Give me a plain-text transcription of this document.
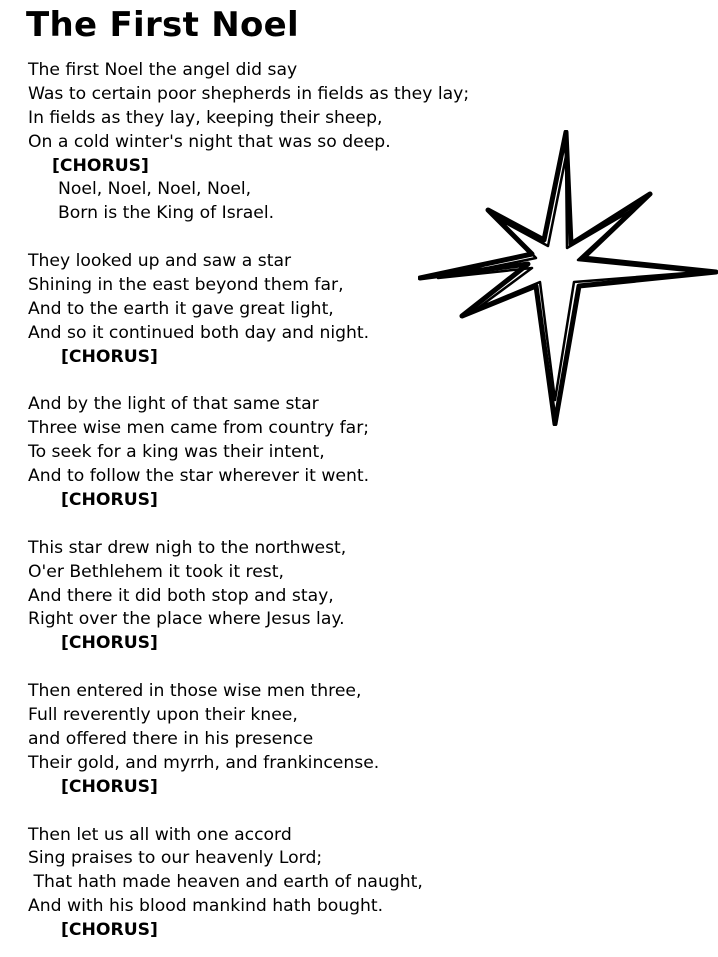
The First Noel
The first Noel the angel did say
Was to certain poor shepherds in fields as they lay;
In fields as they lay, keeping their sheep,
On a cold winter's night that was so deep.
[CHORUS]
Noel, Noel, Noel, Noel,
Born is the King of Israel.
They looked up and saw a star
Shining in the east beyond them far,
And to the earth it gave great light,
And so it continued both day and night.
[CHORUS]
And by the light of that same star
Three wise men came from country far;
To seek for a king was their intent,
And to follow the star wherever it went.
[CHORUS]
This star drew nigh to the northwest,
O'er Bethlehem it took it rest,
And there it did both stop and stay,
Right over the place where Jesus lay.
[CHORUS]
Then entered in those wise men three,
Full reverently upon their knee,
and offered there in his presence
Their gold, and myrrh, and frankincense.
[CHORUS]
Then let us all with one accord
Sing praises to our heavenly Lord;
That hath made heaven and earth of naught,
And with his blood mankind hath bought.
[CHORUS]
